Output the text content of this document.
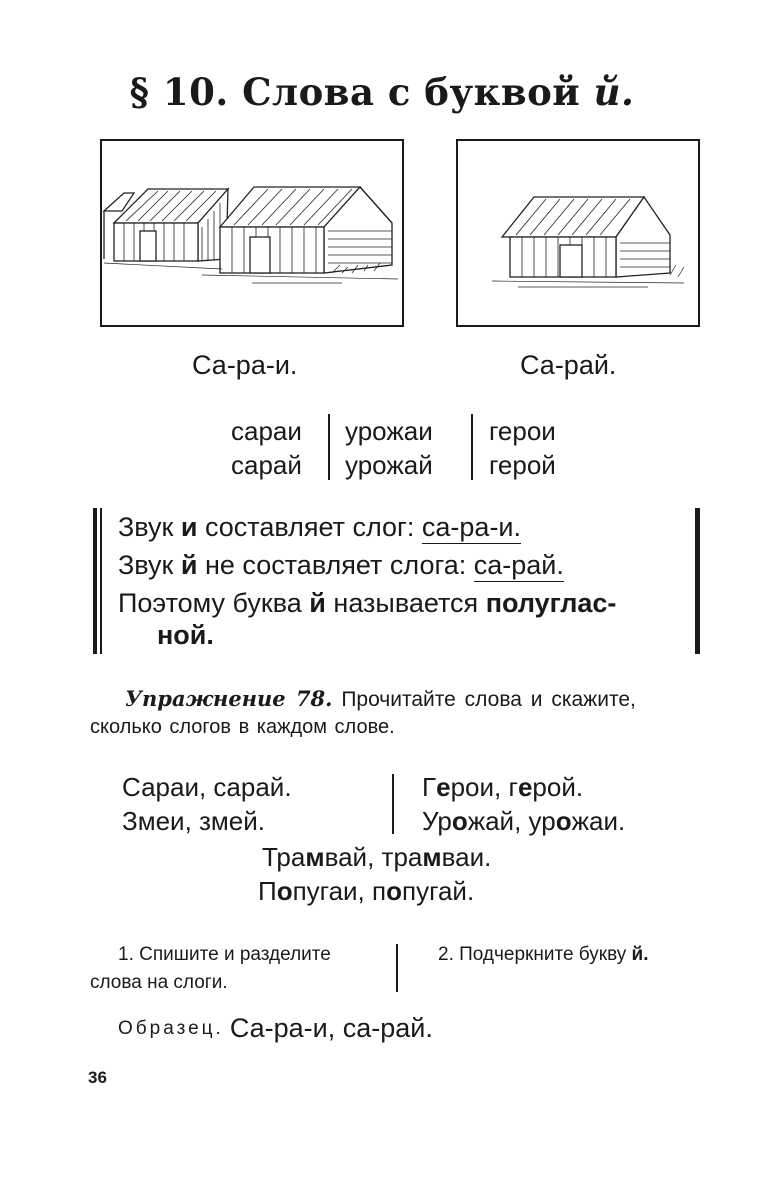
§ 10. Слова с буквой й.
Са-ра-и.	Са-рай.
сараи
сарай
урожаи
урожай
герои
герой
Звук и составляет слог: са-ра-и.
Звук й не составляет слога: са-рай.
Поэтому буква й называется полуглас-
ной.
Упражнение 78. Прочитайте слова и скажите,
сколько слогов в каждом слове.
Сараи, сарай.
Змеи, змей.
Герои, герой.
Урожай, урожаи.
Трамвай, трамваи.
Попугаи, попугай.
1. Спишите и разделите
слова на слоги.
2. Подчеркните букву й.
Образец. Са-ра-и, са-рай.
36
